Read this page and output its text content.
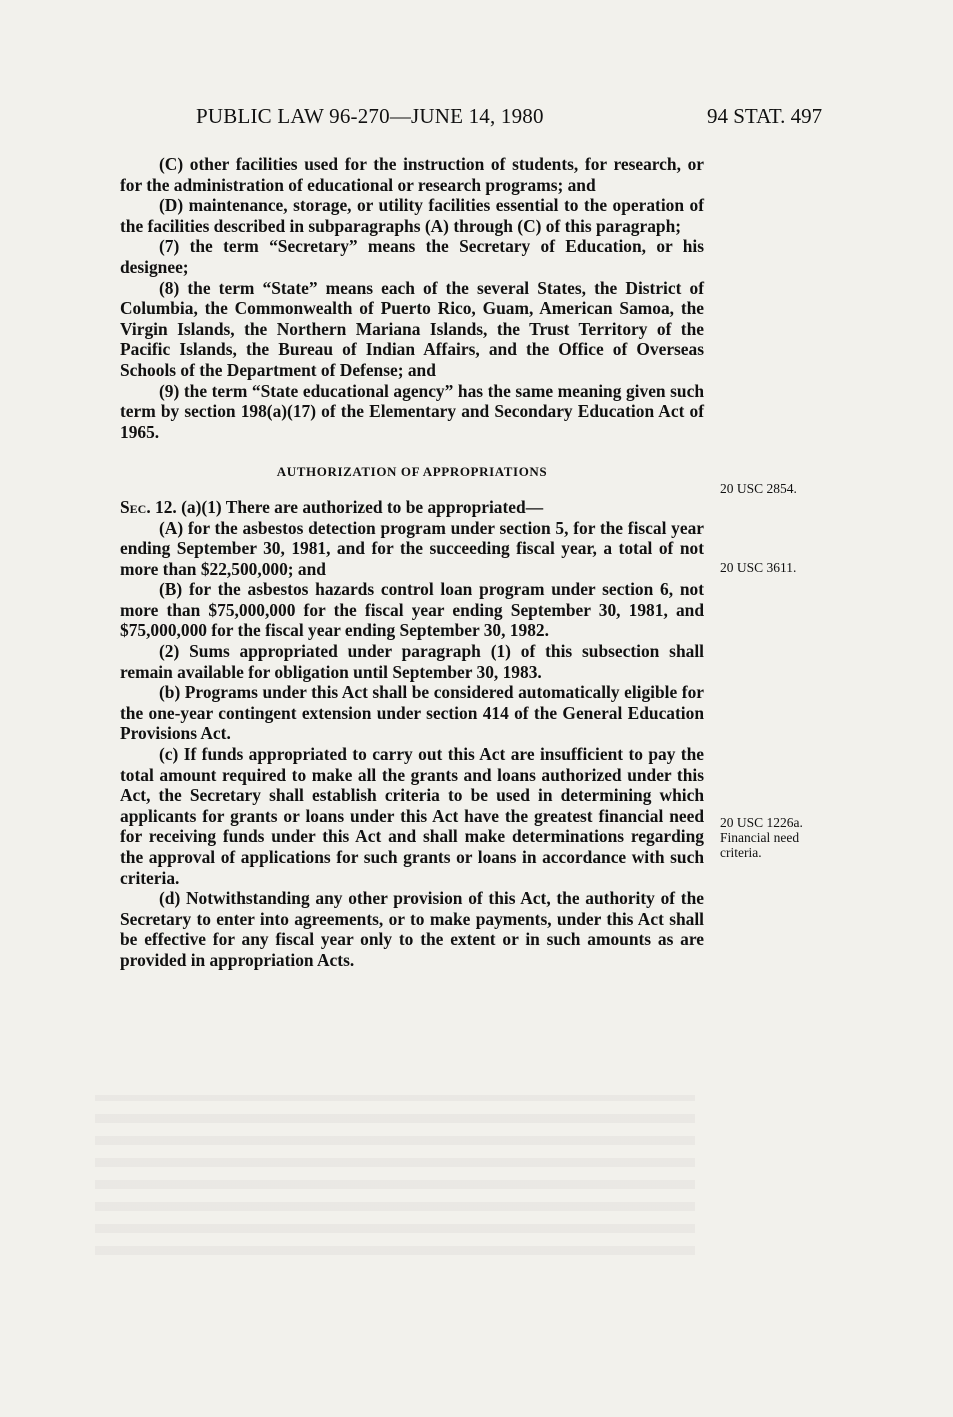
PUBLIC LAW 96-270—JUNE 14, 1980	94 STAT. 497

(C) other facilities used for the instruction of students, for research, or for the administration of educational or research programs; and

(D) maintenance, storage, or utility facilities essential to the operation of the facilities described in subparagraphs (A) through (C) of this paragraph;

(7) the term “Secretary” means the Secretary of Education, or his designee;

(8) the term “State” means each of the several States, the District of Columbia, the Commonwealth of Puerto Rico, Guam, American Samoa, the Virgin Islands, the Northern Mariana Islands, the Trust Territory of the Pacific Islands, the Bureau of Indian Affairs, and the Office of Overseas Schools of the Department of Defense; and

(9) the term “State educational agency” has the same meaning given such term by section 198(a)(17) of the Elementary and Secondary Education Act of 1965.

AUTHORIZATION OF APPROPRIATIONS

Sec. 12. (a)(1) There are authorized to be appropriated—

(A) for the asbestos detection program under section 5, for the fiscal year ending September 30, 1981, and for the succeeding fiscal year, a total of not more than $22,500,000; and

(B) for the asbestos hazards control loan program under section 6, not more than $75,000,000 for the fiscal year ending September 30, 1981, and $75,000,000 for the fiscal year ending September 30, 1982.

(2) Sums appropriated under paragraph (1) of this subsection shall remain available for obligation until September 30, 1983.

(b) Programs under this Act shall be considered automatically eligible for the one-year contingent extension under section 414 of the General Education Provisions Act.

(c) If funds appropriated to carry out this Act are insufficient to pay the total amount required to make all the grants and loans authorized under this Act, the Secretary shall establish criteria to be used in determining which applicants for grants or loans under this Act have the greatest financial need for receiving funds under this Act and shall make determinations regarding the approval of applications for such grants or loans in accordance with such criteria.

(d) Notwithstanding any other provision of this Act, the authority of the Secretary to enter into agreements, or to make payments, under this Act shall be effective for any fiscal year only to the extent or in such amounts as are provided in appropriation Acts.

20 USC 2854.
20 USC 3611.
20 USC 1226a.
Financial need
criteria.
